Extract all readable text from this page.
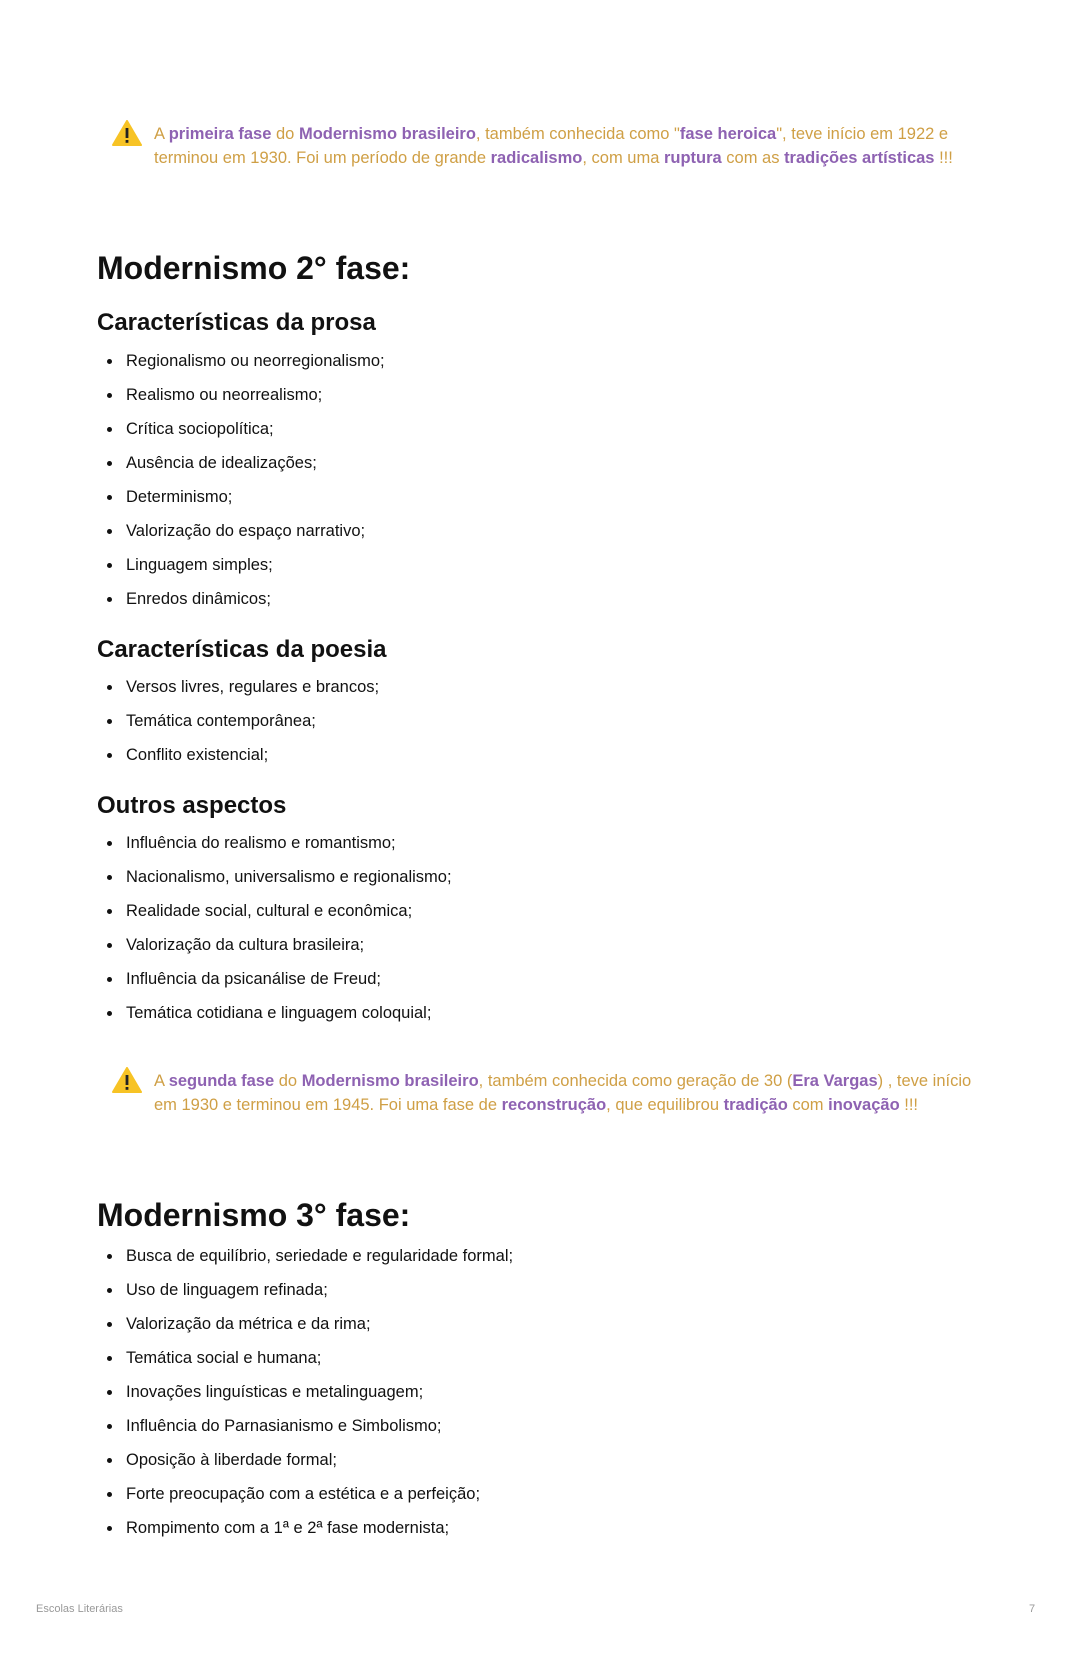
A primeira fase do Modernismo brasileiro, também conhecida como "fase heroica", teve início em 1922 e terminou em 1930. Foi um período de grande radicalismo, com uma ruptura com as tradições artísticas !!!
Modernismo 2° fase:
Características da prosa
Regionalismo ou neorregionalismo;
Realismo ou neorrealismo;
Crítica sociopolítica;
Ausência de idealizações;
Determinismo;
Valorização do espaço narrativo;
Linguagem simples;
Enredos dinâmicos;
Características da poesia
Versos livres, regulares e brancos;
Temática contemporânea;
Conflito existencial;
Outros aspectos
Influência do realismo e romantismo;
Nacionalismo, universalismo e regionalismo;
Realidade social, cultural e econômica;
Valorização da cultura brasileira;
Influência da psicanálise de Freud;
Temática cotidiana e linguagem coloquial;
A segunda fase do Modernismo brasileiro, também conhecida como geração de 30 (Era Vargas) , teve início em 1930 e terminou em 1945. Foi uma fase de reconstrução, que equilibrou tradição com inovação !!!
Modernismo 3° fase:
Busca de equilíbrio, seriedade e regularidade formal;
Uso de linguagem refinada;
Valorização da métrica e da rima;
Temática social e humana;
Inovações linguísticas e metalinguagem;
Influência do Parnasianismo e Simbolismo;
Oposição à liberdade formal;
Forte preocupação com a estética e a perfeição;
Rompimento com a 1ª e 2ª fase modernista;
Escolas Literárias	7
